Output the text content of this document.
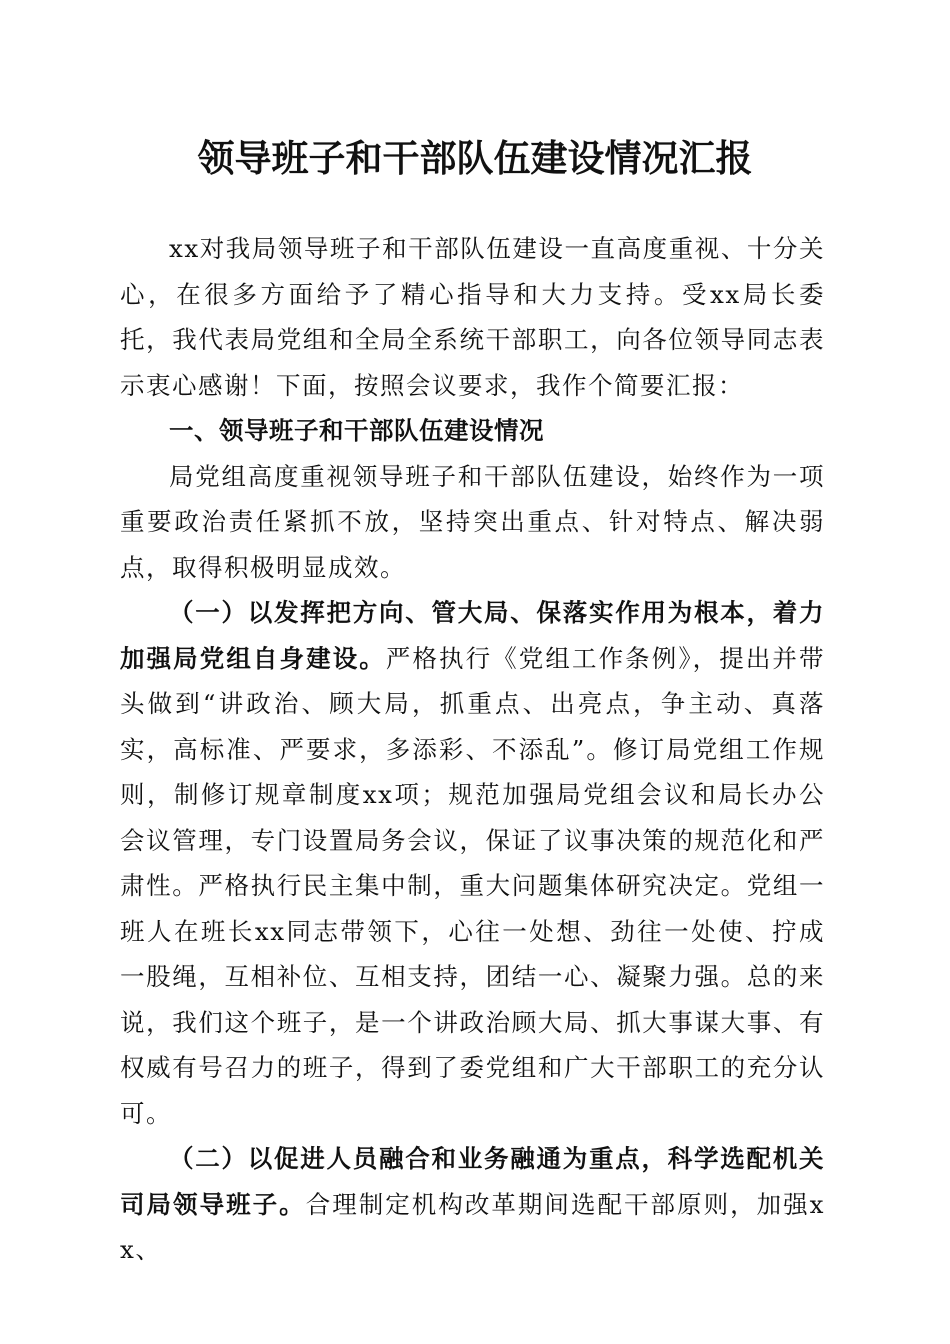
领导班子和干部队伍建设情况汇报

xx对我局领导班子和干部队伍建设一直高度重视、十分关心，在很多方面给予了精心指导和大力支持。受xx局长委托，我代表局党组和全局全系统干部职工，向各位领导同志表示衷心感谢！下面，按照会议要求，我作个简要汇报：

一、领导班子和干部队伍建设情况

局党组高度重视领导班子和干部队伍建设，始终作为一项重要政治责任紧抓不放，坚持突出重点、针对特点、解决弱点，取得积极明显成效。

（一）以发挥把方向、管大局、保落实作用为根本，着力加强局党组自身建设。严格执行《党组工作条例》，提出并带头做到“讲政治、顾大局，抓重点、出亮点，争主动、真落实，高标准、严要求，多添彩、不添乱”。修订局党组工作规则，制修订规章制度xx项；规范加强局党组会议和局长办公会议管理，专门设置局务会议，保证了议事决策的规范化和严肃性。严格执行民主集中制，重大问题集体研究决定。党组一班人在班长xx同志带领下，心往一处想、劲往一处使、拧成一股绳，互相补位、互相支持，团结一心、凝聚力强。总的来说，我们这个班子，是一个讲政治顾大局、抓大事谋大事、有权威有号召力的班子，得到了委党组和广大干部职工的充分认可。

（二）以促进人员融合和业务融通为重点，科学选配机关司局领导班子。合理制定机构改革期间选配干部原则，加强xx、
